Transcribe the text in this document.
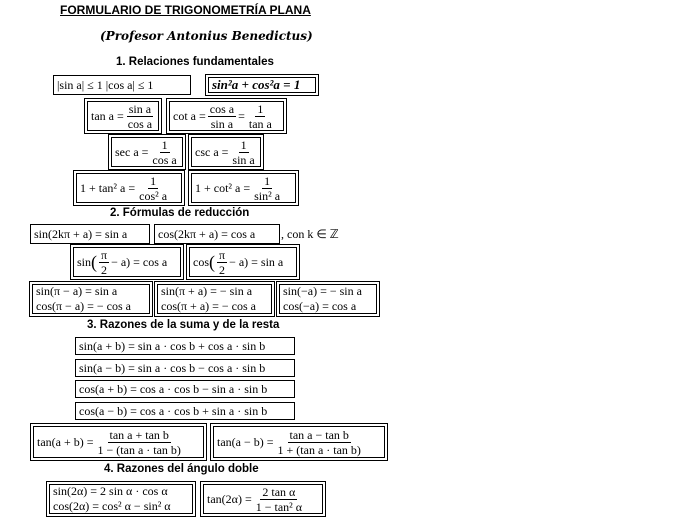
FORMULARIO DE TRIGONOMETRÍA PLANA
(Profesor Antonius Benedictus)
1. Relaciones fundamentales
|sin a| ≤ 1 |cos a| ≤ 1	sin²a + cos²a = 1
$\tan a = \frac{\text{sin a}}{\text{cos a}}$ $\cot a = \frac{\text{cos a}}{\text{sin a}} = \frac{1}{\text{tan a}}$
$\sec a = \frac{1}{\text{cos a}}$ $\csc a = \frac{1}{\text{sin a}}$
1 + tan² $a = \frac{1}{\text{cos² a}} 1 + \cot^2$ $a = \frac{1}{\text{sin² a}}$
2. Fórmulas de reducción
sin(2kπ + a) = sin a	cos(2kπ + a) = cos a , con k ∈ ℤ
sin ( $\frac{\pi}{2} - a) = \cos a$ cos ( $\frac{\pi}{2} - a) = \sin a$
sin(π − a) = sin a
cos(π − a) = − cos a
sin(π + a) = − sin a
cos(π + a) = − cos a
sin(−a) = − sin a
cos(−a) = cos a
3. Razones de la suma y de la resta
sin(a + b) = sin a · cos b + cos a · sin b
sin(a − b) = sin a · cos b − cos a · sin b
cos(a + b) = cos a · cos b − sin a · sin b
cos(a − b) = cos a · cos b + sin a · sin b
$\tan(a + b) = \frac{\text{tan a + tan b}}{\text{1 − (tan a · tan b)}}$	$\tan(a - b) = \frac{\text{tan a − tan b}}{\text{1 + (tan a · tan b)}}$
4. Razones del ángulo doble
sin(2α) = 2 sin α · cos α
cos(2α) = cos² α − sin² α
$\tan(2\alpha) = \frac{\text{2 tan α}}{\text{1 − tan² α}}$
